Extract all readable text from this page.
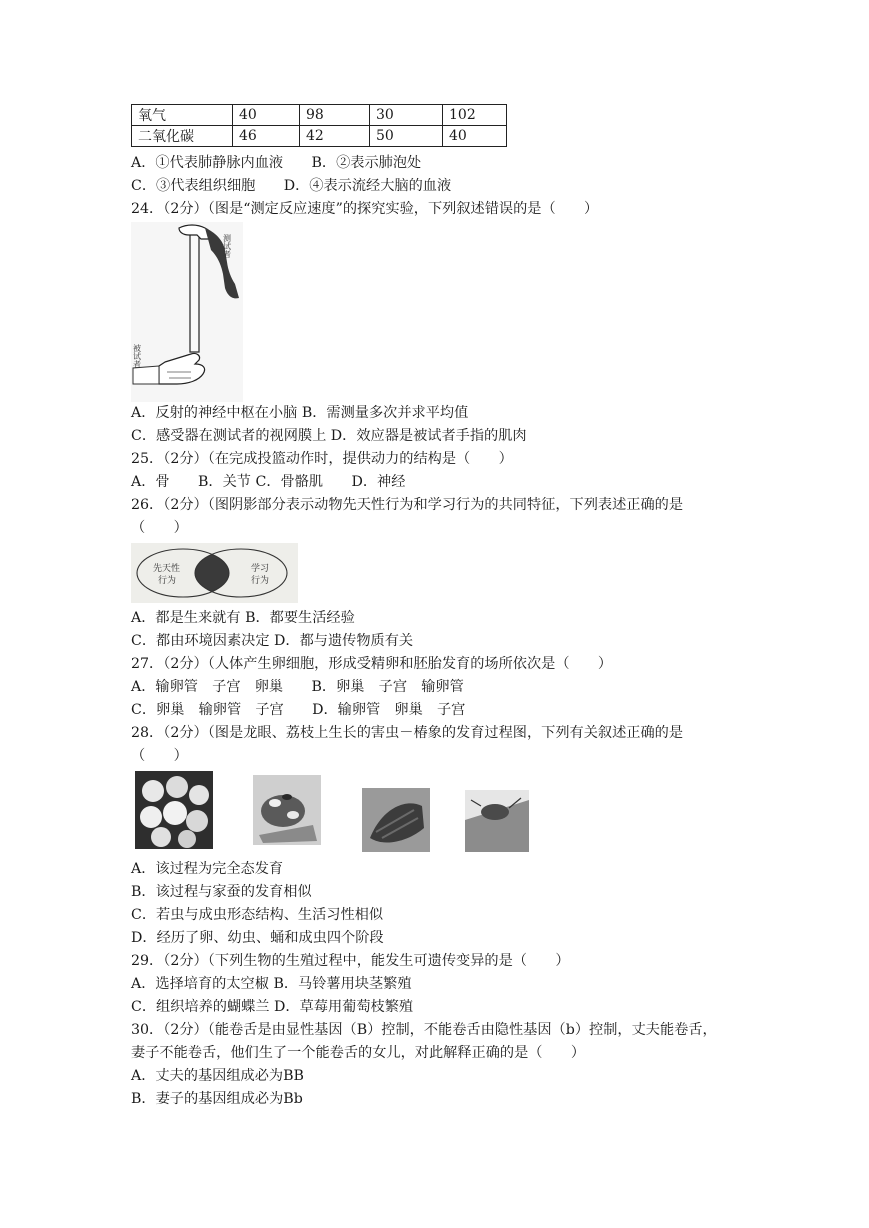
氧气	40	98	30	102
二氧化碳	46	42	50	40
A．①代表肺静脉内血液　　B．②表示肺泡处
C．③代表组织细胞　　D．④表示流经大脑的血液
24．（2分）（图是“测定反应速度”的探究实验，下列叙述错误的是（　　）
测试者
被试者
A．反射的神经中枢在小脑 B．需测量多次并求平均值
C．感受器在测试者的视网膜上 D．效应器是被试者手指的肌肉
25．（2分）（在完成投篮动作时，提供动力的结构是（　　）
A．骨　　B．关节 C．骨骼肌　　D．神经
26．（2分）（图阴影部分表示动物先天性行为和学习行为的共同特征，下列表述正确的是
（　　）
先天性
行为
学习
行为
A．都是生来就有 B．都要生活经验
C．都由环境因素决定 D．都与遗传物质有关
27．（2分）（人体产生卵细胞，形成受精卵和胚胎发育的场所依次是（　　）
A．输卵管　子宫　卵巢　　B．卵巢　子宫　输卵管
C．卵巢　输卵管　子宫　　D．输卵管　卵巢　子宫
28．（2分）（图是龙眼、荔枝上生长的害虫－椿象的发育过程图，下列有关叙述正确的是
（　　）
A．该过程为完全态发育
B．该过程与家蚕的发育相似
C．若虫与成虫形态结构、生活习性相似
D．经历了卵、幼虫、蛹和成虫四个阶段
29．（2分）（下列生物的生殖过程中，能发生可遗传变异的是（　　）
A．选择培育的太空椒 B．马铃薯用块茎繁殖
C．组织培养的蝴蝶兰 D．草莓用葡萄枝繁殖
30．（2分）（能卷舌是由显性基因（B）控制，不能卷舌由隐性基因（b）控制，丈夫能卷舌，
妻子不能卷舌，他们生了一个能卷舌的女儿，对此解释正确的是（　　）
A．丈夫的基因组成必为BB
B．妻子的基因组成必为Bb
